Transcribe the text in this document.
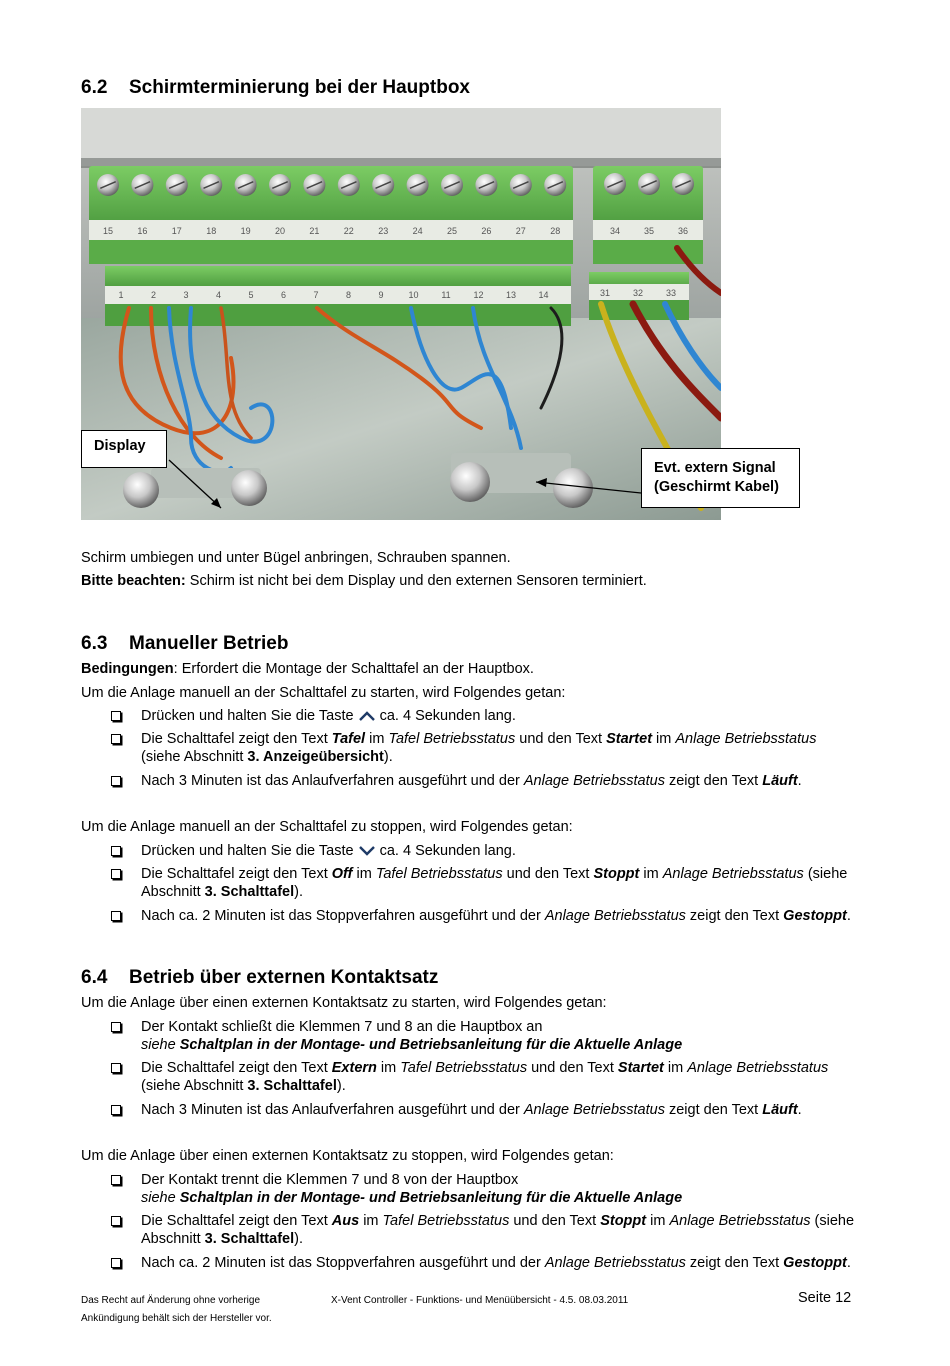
6.2 Schirmterminierung bei der Hauptbox
15	16	17	18	19	20	21	22	23	24	25	26	27	28	34	35	36
1	2	3	4	5	6	7	8	9	10	11	12 13 14	31	32	33
Display
Evt. extern Signal
(Geschirmt Kabel)

Schirm umbiegen und unter Bügel anbringen, Schrauben spannen.

Bitte beachten: Schirm ist nicht bei dem Display und den externen Sensoren terminiert.

6.3 Manueller Betrieb

Bedingungen: Erfordert die Montage der Schalttafel an der Hauptbox.

Um die Anlage manuell an der Schalttafel zu starten, wird Folgendes getan:

Drücken und halten Sie die Taste  ca. 4 Sekunden lang.
Die Schalttafel zeigt den Text Tafel im Tafel Betriebsstatus und den Text Startet im Anlage Betriebsstatus
(siehe Abschnitt 3. Anzeigeübersicht).
Nach 3 Minuten ist das Anlaufverfahren ausgeführt und der Anlage Betriebsstatus zeigt den Text Läuft.

Um die Anlage manuell an der Schalttafel zu stoppen, wird Folgendes getan:

Drücken und halten Sie die Taste  ca. 4 Sekunden lang.
Die Schalttafel zeigt den Text Off im Tafel Betriebsstatus und den Text Stoppt im Anlage Betriebsstatus (siehe
Abschnitt 3. Schalttafel).
Nach ca. 2 Minuten ist das Stoppverfahren ausgeführt und der Anlage Betriebsstatus zeigt den Text Gestoppt.
6.4 Betrieb über externen Kontaktsatz

Um die Anlage über einen externen Kontaktsatz zu starten, wird Folgendes getan:

Der Kontakt schließt die Klemmen 7 und 8 an die Hauptbox an
siehe Schaltplan in der Montage- und Betriebsanleitung für die Aktuelle Anlage
Die Schalttafel zeigt den Text Extern im Tafel Betriebsstatus und den Text Startet im Anlage Betriebsstatus
(siehe Abschnitt 3. Schalttafel).
Nach 3 Minuten ist das Anlaufverfahren ausgeführt und der Anlage Betriebsstatus zeigt den Text Läuft.

Um die Anlage über einen externen Kontaktsatz zu stoppen, wird Folgendes getan:

Der Kontakt trennt die Klemmen 7 und 8 von der Hauptbox
siehe Schaltplan in der Montage- und Betriebsanleitung für die Aktuelle Anlage
Die Schalttafel zeigt den Text Aus im Tafel Betriebsstatus und den Text Stoppt im Anlage Betriebsstatus (siehe
Abschnitt 3. Schalttafel).
Nach ca. 2 Minuten ist das Stoppverfahren ausgeführt und der Anlage Betriebsstatus zeigt den Text Gestoppt.
Das Recht auf Änderung ohne vorherige
Ankündigung behält sich der Hersteller vor.
X-Vent Controller - Funktions- und Menüübersicht - 4.5. 08.03.2011	Seite 12
